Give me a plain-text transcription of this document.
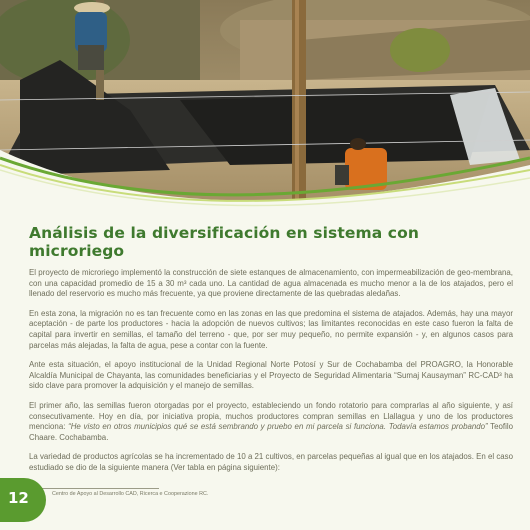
Análisis de la diversificación en sistema con microriego

El proyecto de microriego implementó la construcción de siete estanques de almacenamiento, con impermeabilización de geo-membrana, con una capacidad promedio de 15 a 30 m³ cada uno. La cantidad de agua almacenada es mucho menor a la de los atajados, pero el llenado del reservorio es mucho más frecuente, ya que proviene directamente de las quebradas aledañas.

En esta zona, la migración no es tan frecuente como en las zonas en las que predomina el sistema de atajados. Además, hay una mayor aceptación - de parte los productores - hacia la adopción de nuevos cultivos; las limitantes reconocidas en este caso fueron la falta de capital para invertir en semillas, el tamaño del terreno - que, por ser muy pequeño, no permite expansión - y, en algunos casos para parcelas más alejadas, la falta de agua, pese a contar con la fuente.

Ante esta situación, el apoyo institucional de la Unidad Regional Norte Potosí y Sur de Cochabamba del PROAGRO, la Honorable Alcaldía Municipal de Chayanta, las comunidades beneficiarias y el Proyecto de Seguridad Alimentaria “Sumaj Kausayman” RC-CAD³ ha sido clave para promover la adquisición y el manejo de semillas.

El primer año, las semillas fueron otorgadas por el proyecto, estableciendo un fondo rotatorio para comprarlas al año siguiente, y así consecutivamente. Hoy en día, por iniciativa propia, muchos productores compran semillas en Llallagua y uno de los productores menciona: “He visto en otros municipios qué se está sembrando y pruebo en mi parcela si funciona. Todavía estamos probando” Teofilo Chaare. Cochabamba.

La variedad de productos agrícolas se ha incrementado de 10 a 21 cultivos, en parcelas pequeñas al igual que en los atajados. En el caso estudiado se dio de la siguiente manera (Ver tabla en página siguiente):

Centro de Apoyo al Desarrollo CAD, Ricerca e Cooperazione RC.
12
